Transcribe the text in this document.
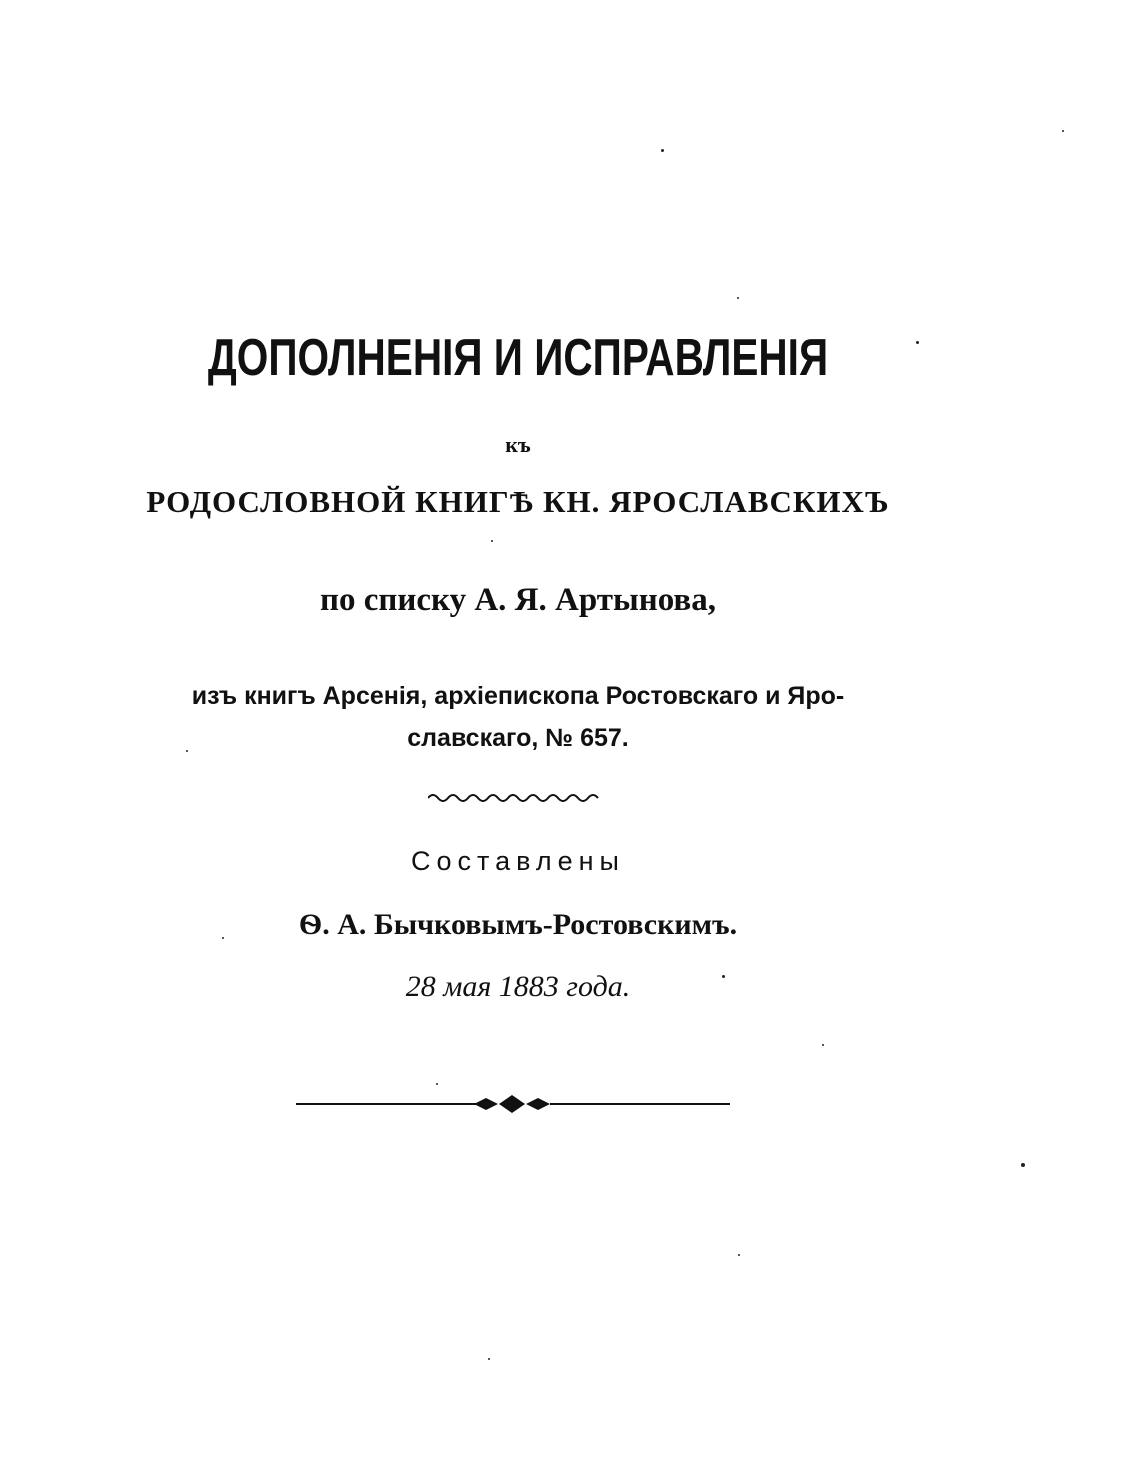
ДОПОЛНЕНІЯ И ИСПРАВЛЕНІЯ
къ
РОДОСЛОВНОЙ КНИГѢ КН. ЯРОСЛАВСКИХЪ
по списку А. Я. Артынова,
изъ книгъ Арсенія, архіепископа Ростовскаго и Яро-
славскаго, № 657.
Составлены
Ѳ. А. Бычковымъ-Ростовскимъ.
28 мая 1883 года.
